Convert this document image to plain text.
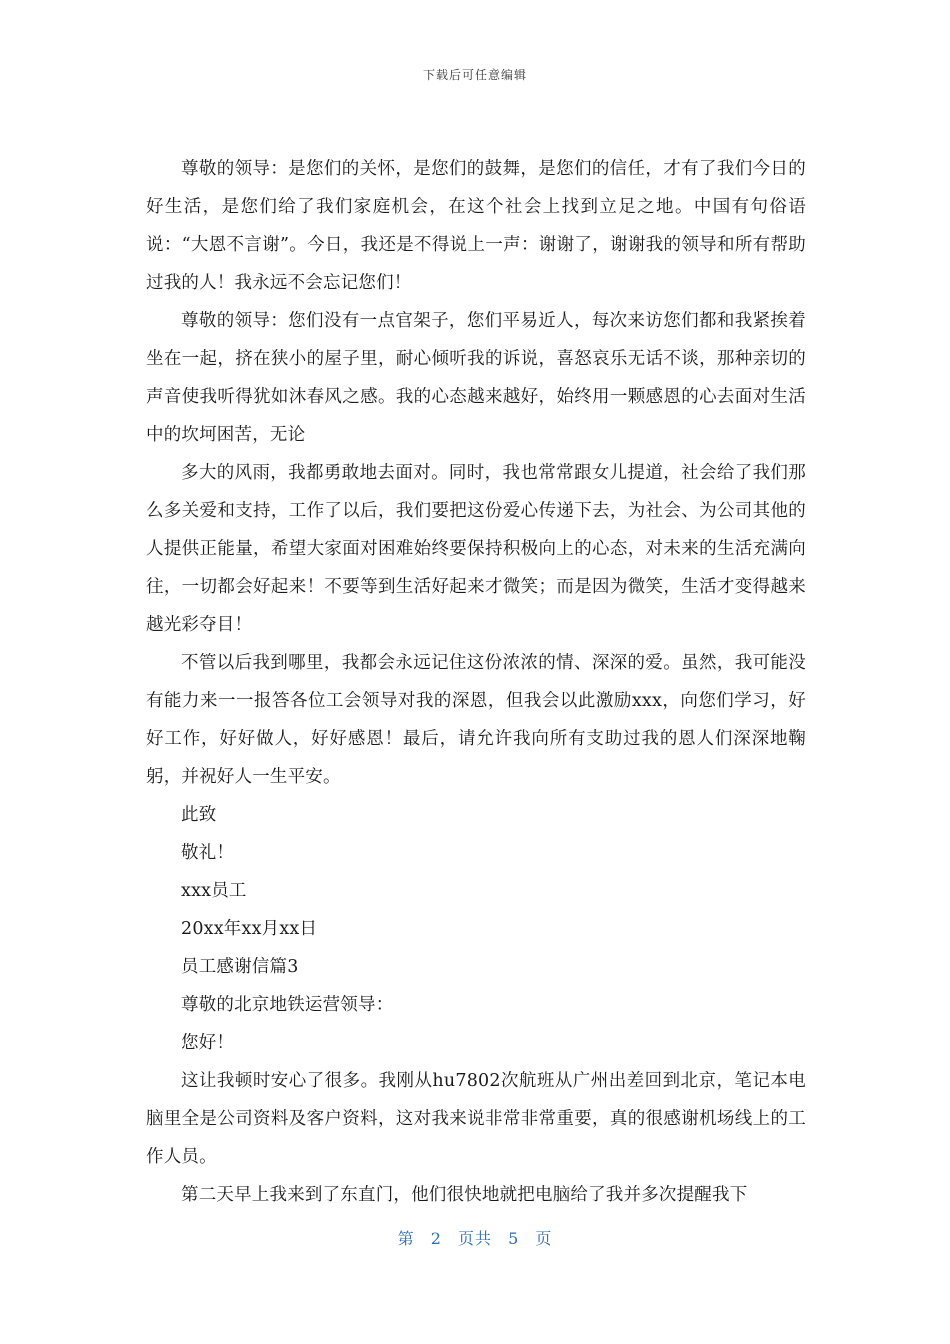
下载后可任意编辑

尊敬的领导：是您们的关怀，是您们的鼓舞，是您们的信任，才有了我们今日的好生活，是您们给了我们家庭机会，在这个社会上找到立足之地。中国有句俗语说：“大恩不言谢”。今日，我还是不得说上一声：谢谢了，谢谢我的领导和所有帮助过我的人！我永远不会忘记您们！

尊敬的领导：您们没有一点官架子，您们平易近人，每次来访您们都和我紧挨着坐在一起，挤在狭小的屋子里，耐心倾听我的诉说，喜怒哀乐无话不谈，那种亲切的声音使我听得犹如沐春风之感。我的心态越来越好，始终用一颗感恩的心去面对生活中的坎坷困苦，无论

多大的风雨，我都勇敢地去面对。同时，我也常常跟女儿提道，社会给了我们那么多关爱和支持，工作了以后，我们要把这份爱心传递下去，为社会、为公司其他的人提供正能量，希望大家面对困难始终要保持积极向上的心态，对未来的生活充满向往，一切都会好起来！不要等到生活好起来才微笑；而是因为微笑，生活才变得越来越光彩夺目！

不管以后我到哪里，我都会永远记住这份浓浓的情、深深的爱。虽然，我可能没有能力来一一报答各位工会领导对我的深恩，但我会以此激励xxx，向您们学习，好好工作，好好做人，好好感恩！最后，请允许我向所有支助过我的恩人们深深地鞠躬，并祝好人一生平安。

此致

敬礼！

xxx员工

20xx年xx月xx日

员工感谢信篇3

尊敬的北京地铁运营领导：

您好！

这让我顿时安心了很多。我刚从hu7802次航班从广州出差回到北京，笔记本电脑里全是公司资料及客户资料，这对我来说非常非常重要，真的很感谢机场线上的工作人员。

第二天早上我来到了东直门，他们很快地就把电脑给了我并多次提醒我下

第 2 页共 5 页
